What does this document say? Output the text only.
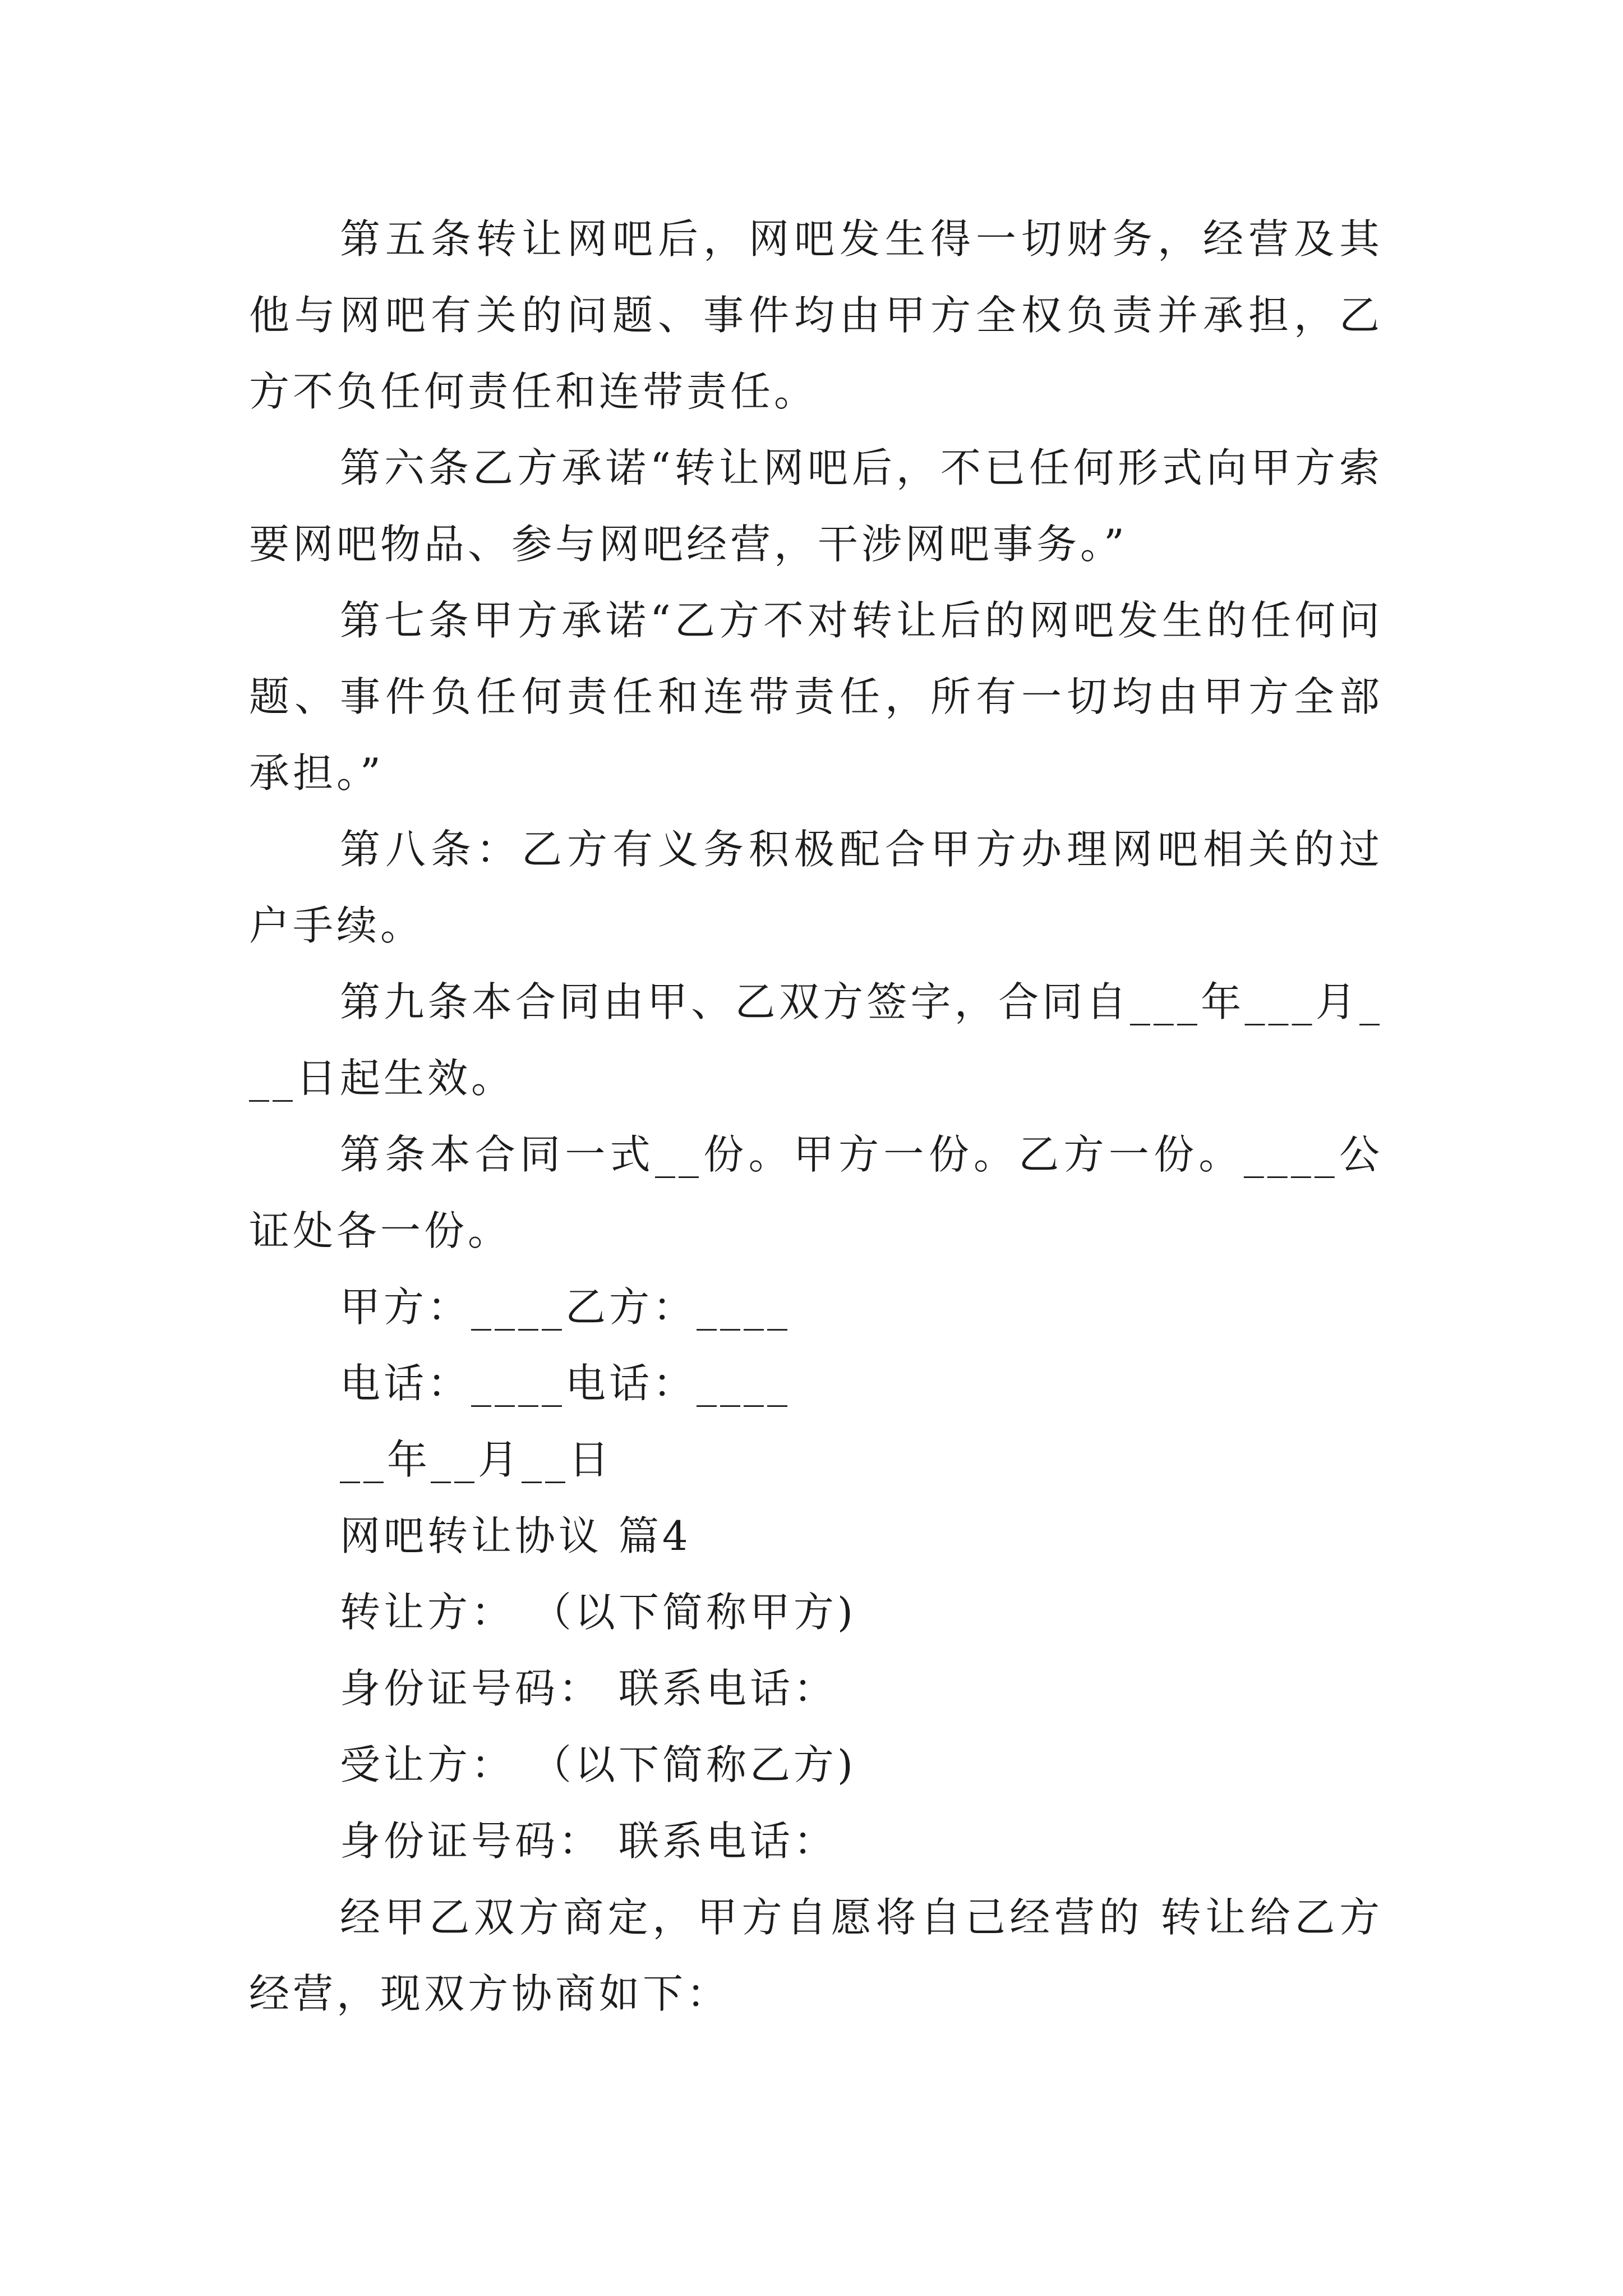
第五条转让网吧后，网吧发生得一切财务，经营及其他与网吧有关的问题、事件均由甲方全权负责并承担，乙方不负任何责任和连带责任。

第六条乙方承诺“转让网吧后，不已任何形式向甲方索要网吧物品、参与网吧经营，干涉网吧事务。”

第七条甲方承诺“乙方不对转让后的网吧发生的任何问题、事件负任何责任和连带责任，所有一切均由甲方全部承担。”

第八条：乙方有义务积极配合甲方办理网吧相关的过户手续。

第九条本合同由甲、乙双方签字，合同自___年___月___日起生效。

第条本合同一式__份。甲方一份。乙方一份。____公证处各一份。

甲方：____乙方：____

电话：____电话：____

__年__月__日

网吧转让协议 篇4

转让方： （以下简称甲方)

身份证号码： 联系电话：

受让方： （以下简称乙方)

身份证号码： 联系电话：

经甲乙双方商定，甲方自愿将自己经营的 转让给乙方经营，现双方协商如下：
